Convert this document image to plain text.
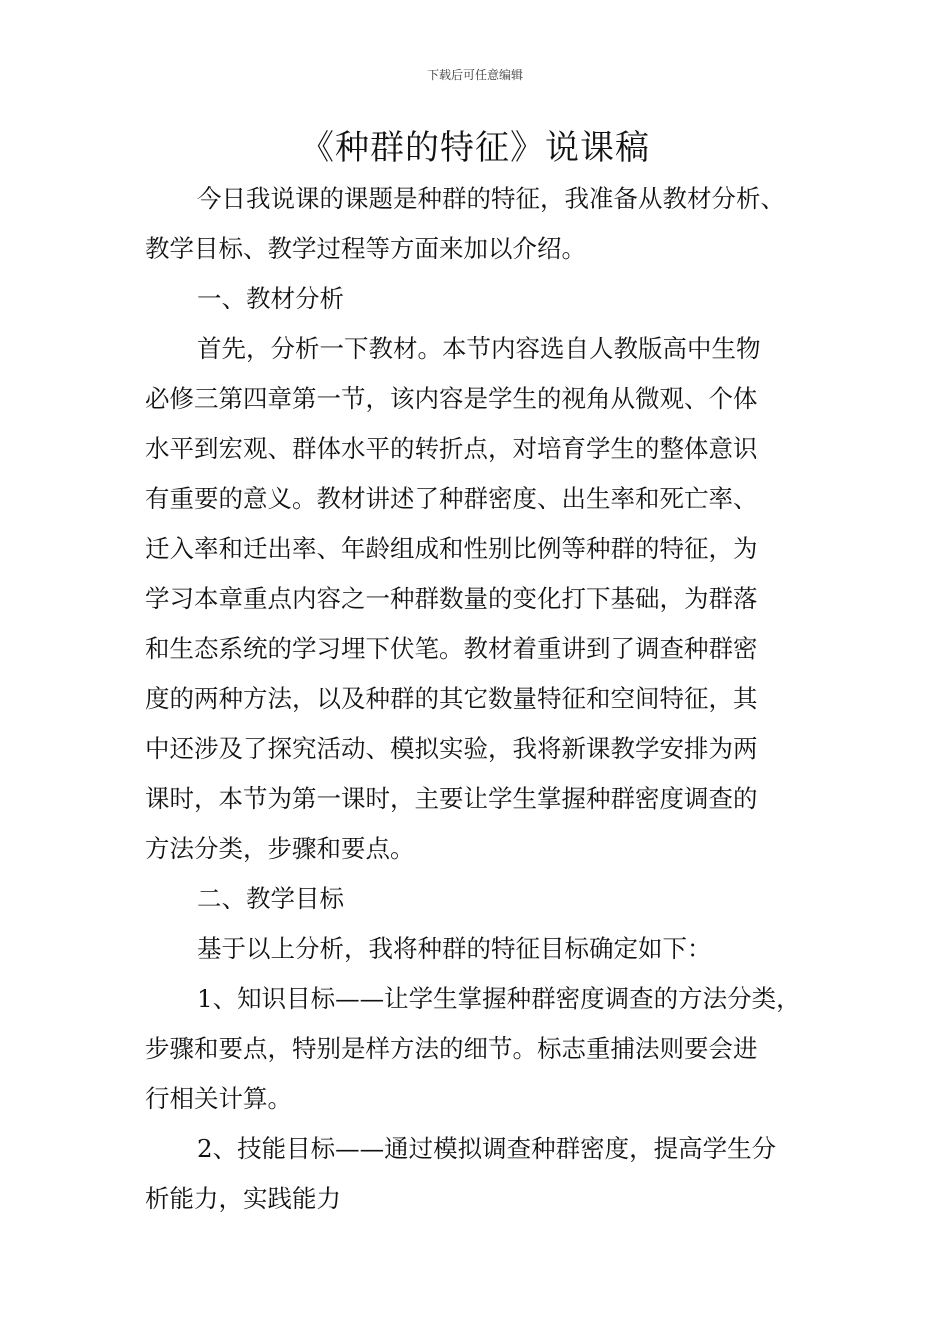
下载后可任意编辑
《种群的特征》说课稿

今日我说课的课题是种群的特征，我准备从教材分析、

教学目标、教学过程等方面来加以介绍。

一、教材分析

首先，分析一下教材。本节内容选自人教版高中生物

必修三第四章第一节，该内容是学生的视角从微观、个体

水平到宏观、群体水平的转折点，对培育学生的整体意识

有重要的意义。教材讲述了种群密度、出生率和死亡率、

迁入率和迁出率、年龄组成和性别比例等种群的特征，为

学习本章重点内容之一种群数量的变化打下基础，为群落

和生态系统的学习埋下伏笔。教材着重讲到了调查种群密

度的两种方法，以及种群的其它数量特征和空间特征，其

中还涉及了探究活动、模拟实验，我将新课教学安排为两

课时，本节为第一课时，主要让学生掌握种群密度调查的

方法分类，步骤和要点。

二、教学目标

基于以上分析，我将种群的特征目标确定如下：

1、知识目标——让学生掌握种群密度调查的方法分类，

步骤和要点，特别是样方法的细节。标志重捕法则要会进

行相关计算。

2、技能目标——通过模拟调查种群密度，提高学生分

析能力，实践能力
